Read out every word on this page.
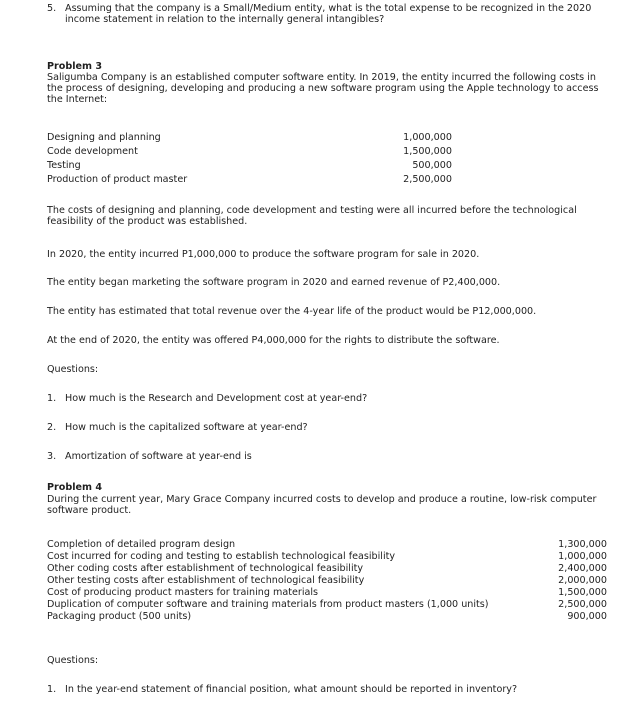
5. Assuming that the company is a Small/Medium entity, what is the total expense to be recognized in the 2020 income statement in relation to the internally general intangibles?
Problem 3
Saligumba Company is an established computer software entity. In 2019, the entity incurred the following costs in the process of designing, developing and producing a new software program using the Apple technology to access the Internet:
Designing and planning	1,000,000
Code development	1,500,000
Testing	500,000
Production of product master	2,500,000
The costs of designing and planning, code development and testing were all incurred before the technological feasibility of the product was established.
In 2020, the entity incurred P1,000,000 to produce the software program for sale in 2020.
The entity began marketing the software program in 2020 and earned revenue of P2,400,000.
The entity has estimated that total revenue over the 4-year life of the product would be P12,000,000.
At the end of 2020, the entity was offered P4,000,000 for the rights to distribute the software.
Questions:
1. How much is the Research and Development cost at year-end?
2. How much is the capitalized software at year-end?
3. Amortization of software at year-end is
Problem 4
During the current year, Mary Grace Company incurred costs to develop and produce a routine, low-risk computer software product.
Completion of detailed program design	1,300,000
Cost incurred for coding and testing to establish technological feasibility	1,000,000
Other coding costs after establishment of technological feasibility	2,400,000
Other testing costs after establishment of technological feasibility	2,000,000
Cost of producing product masters for training materials	1,500,000
Duplication of computer software and training materials from product masters (1,000 units)	2,500,000
Packaging product (500 units)	900,000
Questions:
1. In the year-end statement of financial position, what amount should be reported in inventory?
